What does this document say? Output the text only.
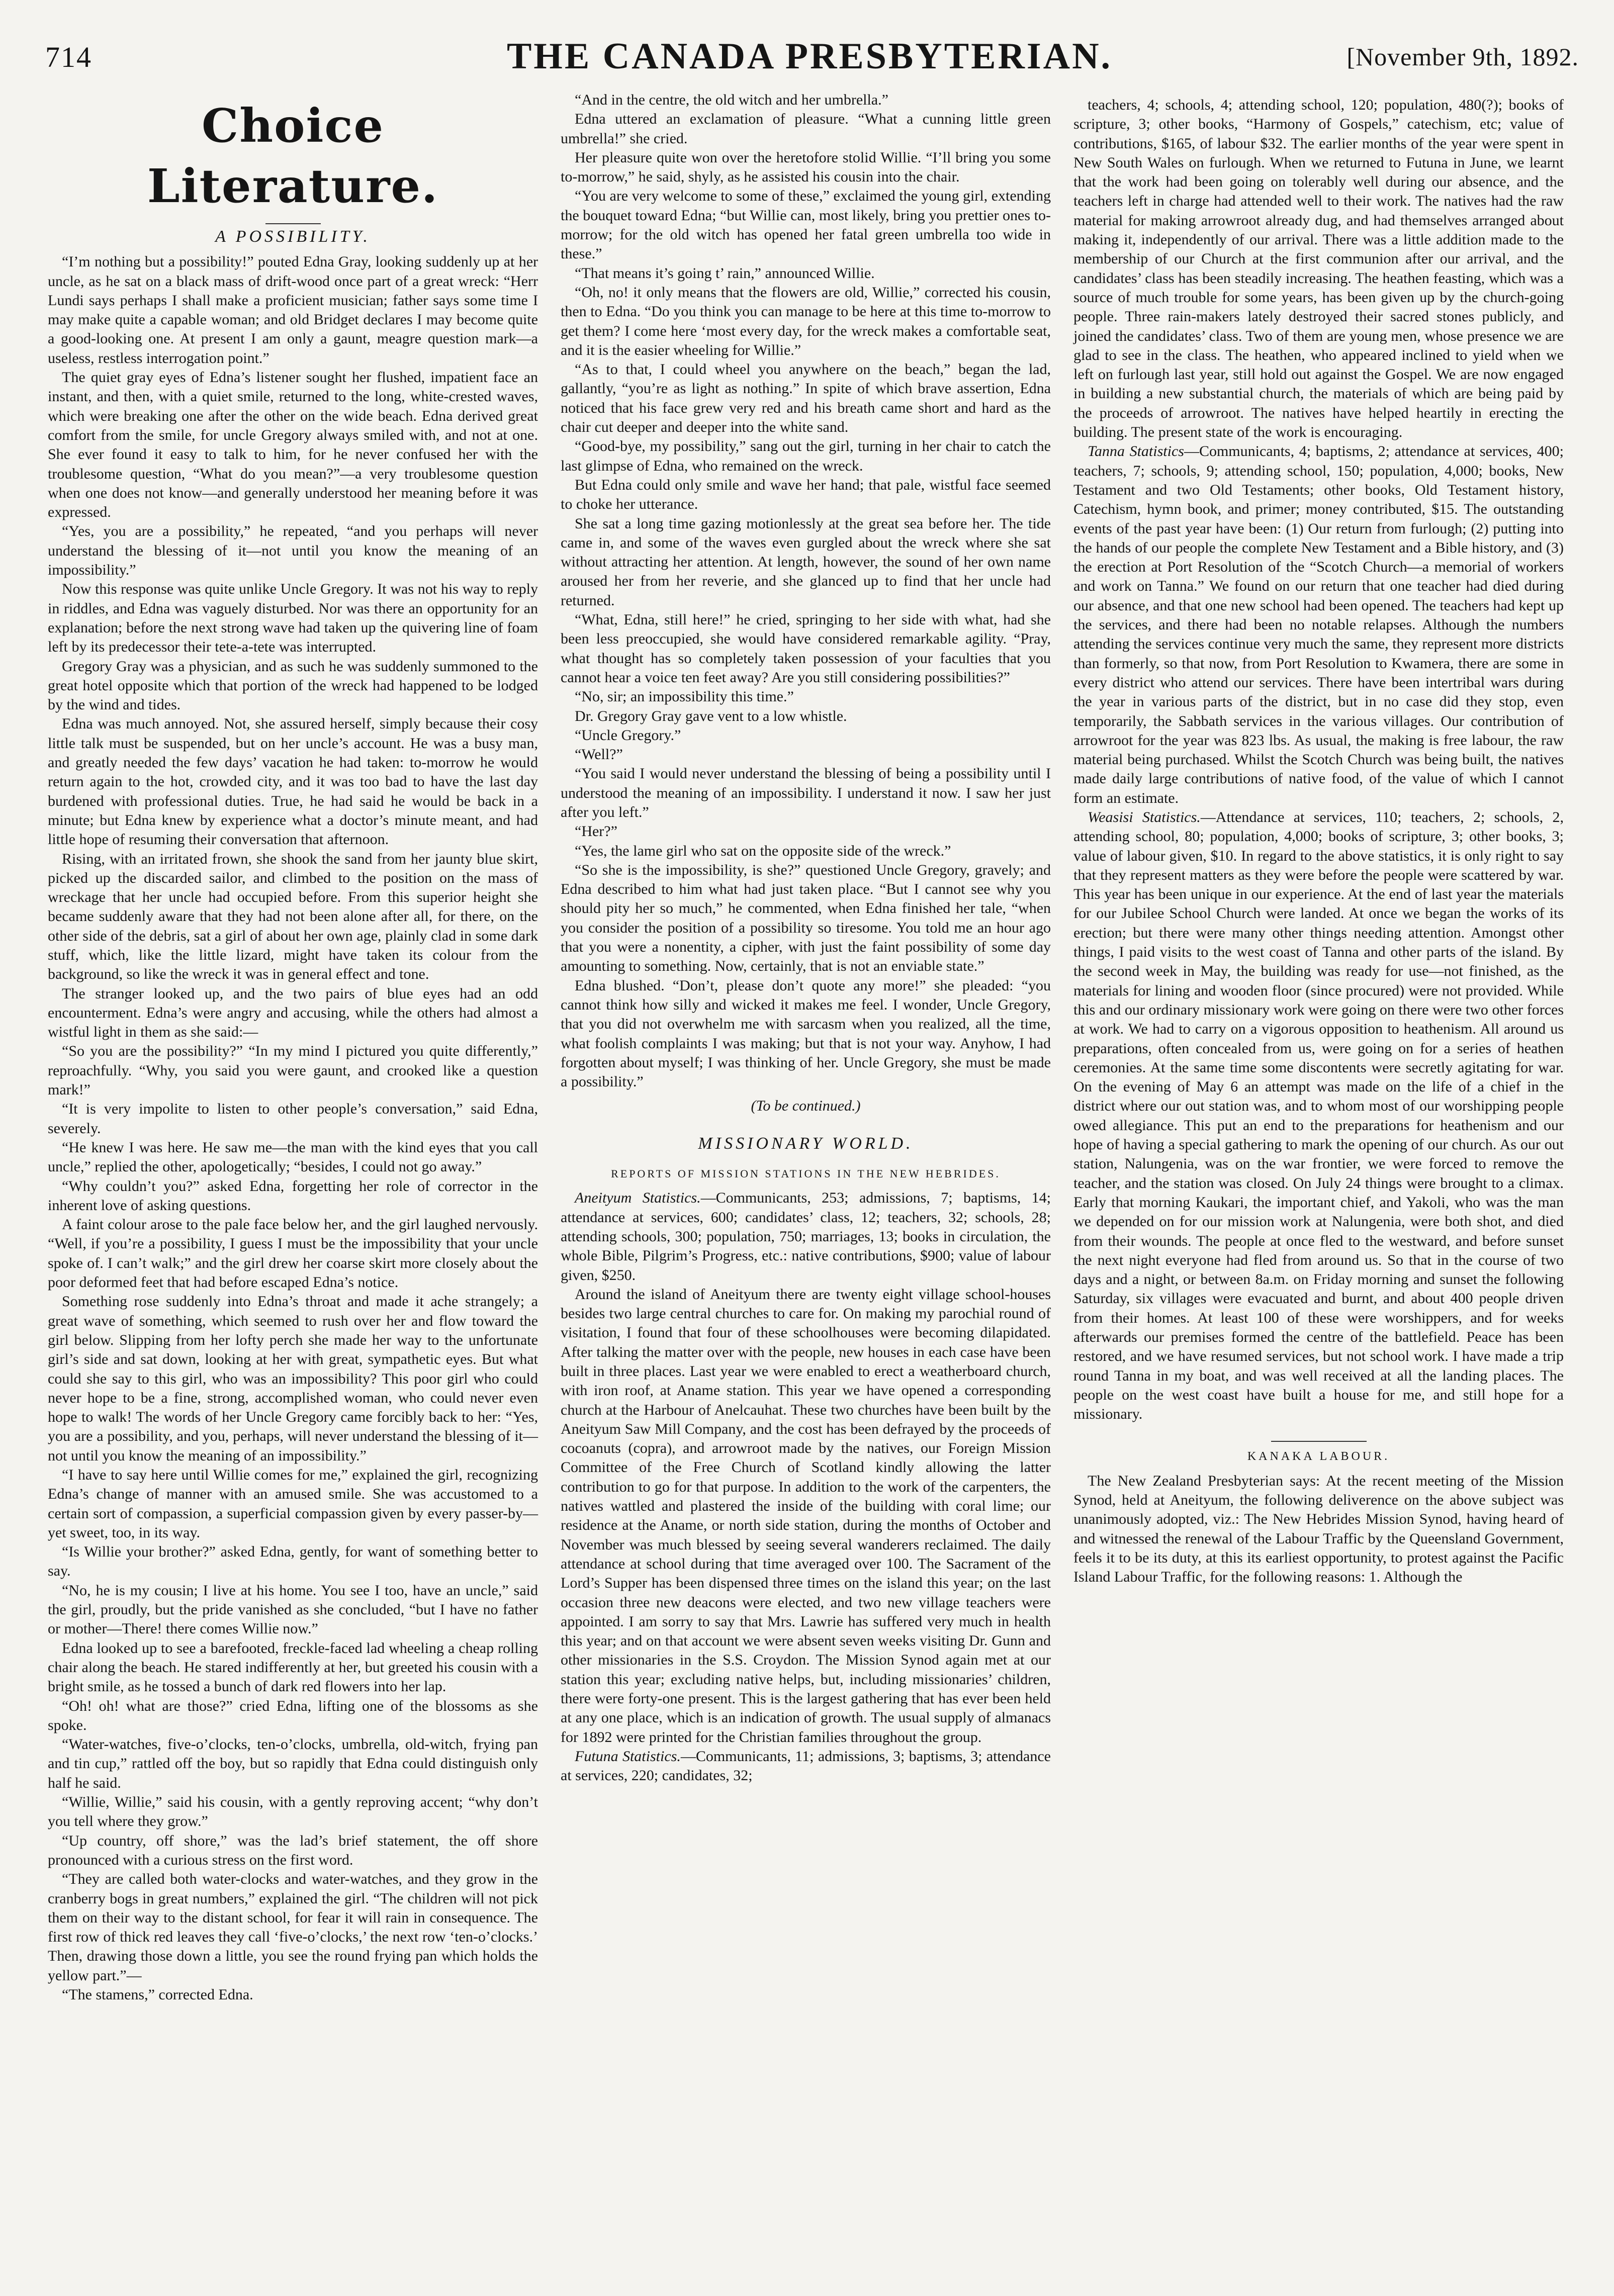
714	THE CANADA PRESBYTERIAN.	[November 9th, 1892.
Choice Literature.
A POSSIBILITY.

“I’m nothing but a possibility!” pouted Edna Gray, looking suddenly up at her uncle, as he sat on a black mass of drift-wood once part of a great wreck: “Herr Lundi says perhaps I shall make a proficient musician; father says some time I may make quite a capable woman; and old Bridget declares I may become quite a good-looking one. At present I am only a gaunt, meagre question mark—a useless, restless interrogation point.”

The quiet gray eyes of Edna’s listener sought her flushed, impatient face an instant, and then, with a quiet smile, returned to the long, white-crested waves, which were breaking one after the other on the wide beach. Edna derived great comfort from the smile, for uncle Gregory always smiled with, and not at one. She ever found it easy to talk to him, for he never confused her with the troublesome question, “What do you mean?”—a very troublesome question when one does not know—and generally understood her meaning before it was expressed.

“Yes, you are a possibility,” he repeated, “and you perhaps will never understand the blessing of it—not until you know the meaning of an impossibility.”

Now this response was quite unlike Uncle Gregory. It was not his way to reply in riddles, and Edna was vaguely disturbed. Nor was there an opportunity for an explanation; before the next strong wave had taken up the quivering line of foam left by its predecessor their tete-a-tete was interrupted.

Gregory Gray was a physician, and as such he was suddenly summoned to the great hotel opposite which that portion of the wreck had happened to be lodged by the wind and tides.

Edna was much annoyed. Not, she assured herself, simply because their cosy little talk must be suspended, but on her uncle’s account. He was a busy man, and greatly needed the few days’ vacation he had taken: to-morrow he would return again to the hot, crowded city, and it was too bad to have the last day burdened with professional duties. True, he had said he would be back in a minute; but Edna knew by experience what a doctor’s minute meant, and had little hope of resuming their conversation that afternoon.

Rising, with an irritated frown, she shook the sand from her jaunty blue skirt, picked up the discarded sailor, and climbed to the position on the mass of wreckage that her uncle had occupied before. From this superior height she became suddenly aware that they had not been alone after all, for there, on the other side of the debris, sat a girl of about her own age, plainly clad in some dark stuff, which, like the little lizard, might have taken its colour from the background, so like the wreck it was in general effect and tone.

The stranger looked up, and the two pairs of blue eyes had an odd encounterment. Edna’s were angry and accusing, while the others had almost a wistful light in them as she said:—

“So you are the possibility?” “In my mind I pictured you quite differently,” reproachfully. “Why, you said you were gaunt, and crooked like a question mark!”

“It is very impolite to listen to other people’s conversation,” said Edna, severely.

“He knew I was here. He saw me—the man with the kind eyes that you call uncle,” replied the other, apologetically; “besides, I could not go away.”

“Why couldn’t you?” asked Edna, forgetting her role of corrector in the inherent love of asking questions.

A faint colour arose to the pale face below her, and the girl laughed nervously. “Well, if you’re a possibility, I guess I must be the impossibility that your uncle spoke of. I can’t walk;” and the girl drew her coarse skirt more closely about the poor deformed feet that had before escaped Edna’s notice.

Something rose suddenly into Edna’s throat and made it ache strangely; a great wave of something, which seemed to rush over her and flow toward the girl below. Slipping from her lofty perch she made her way to the unfortunate girl’s side and sat down, looking at her with great, sympathetic eyes. But what could she say to this girl, who was an impossibility? This poor girl who could never hope to be a fine, strong, accomplished woman, who could never even hope to walk! The words of her Uncle Gregory came forcibly back to her: “Yes, you are a possibility, and you, perhaps, will never understand the blessing of it—not until you know the meaning of an impossibility.”

“I have to say here until Willie comes for me,” explained the girl, recognizing Edna’s change of manner with an amused smile. She was accustomed to a certain sort of compassion, a superficial compassion given by every passer-by—yet sweet, too, in its way.

“Is Willie your brother?” asked Edna, gently, for want of something better to say.

“No, he is my cousin; I live at his home. You see I too, have an uncle,” said the girl, proudly, but the pride vanished as she concluded, “but I have no father or mother—There! there comes Willie now.”

Edna looked up to see a barefooted, freckle-faced lad wheeling a cheap rolling chair along the beach. He stared indifferently at her, but greeted his cousin with a bright smile, as he tossed a bunch of dark red flowers into her lap.

“Oh! oh! what are those?” cried Edna, lifting one of the blossoms as she spoke.

“Water-watches, five-o’clocks, ten-o’clocks, umbrella, old-witch, frying pan and tin cup,” rattled off the boy, but so rapidly that Edna could distinguish only half he said.

“Willie, Willie,” said his cousin, with a gently reproving accent; “why don’t you tell where they grow.”

“Up country, off shore,” was the lad’s brief statement, the off shore pronounced with a curious stress on the first word.

“They are called both water-clocks and water-watches, and they grow in the cranberry bogs in great numbers,” explained the girl. “The children will not pick them on their way to the distant school, for fear it will rain in consequence. The first row of thick red leaves they call ‘five-o’clocks,’ the next row ‘ten-o’clocks.’ Then, drawing those down a little, you see the round frying pan which holds the yellow part.”—

“The stamens,” corrected Edna.

“And in the centre, the old witch and her umbrella.”

Edna uttered an exclamation of pleasure. “What a cunning little green umbrella!” she cried.

Her pleasure quite won over the heretofore stolid Willie. “I’ll bring you some to-morrow,” he said, shyly, as he assisted his cousin into the chair.

“You are very welcome to some of these,” exclaimed the young girl, extending the bouquet toward Edna; “but Willie can, most likely, bring you prettier ones to-morrow; for the old witch has opened her fatal green umbrella too wide in these.”

“That means it’s going t’ rain,” announced Willie.

“Oh, no! it only means that the flowers are old, Willie,” corrected his cousin, then to Edna. “Do you think you can manage to be here at this time to-morrow to get them? I come here ‘most every day, for the wreck makes a comfortable seat, and it is the easier wheeling for Willie.”

“As to that, I could wheel you anywhere on the beach,” began the lad, gallantly, “you’re as light as nothing.” In spite of which brave assertion, Edna noticed that his face grew very red and his breath came short and hard as the chair cut deeper and deeper into the white sand.

“Good-bye, my possibility,” sang out the girl, turning in her chair to catch the last glimpse of Edna, who remained on the wreck.

But Edna could only smile and wave her hand; that pale, wistful face seemed to choke her utterance.

She sat a long time gazing motionlessly at the great sea before her. The tide came in, and some of the waves even gurgled about the wreck where she sat without attracting her attention. At length, however, the sound of her own name aroused her from her reverie, and she glanced up to find that her uncle had returned.

“What, Edna, still here!” he cried, springing to her side with what, had she been less preoccupied, she would have considered remarkable agility. “Pray, what thought has so completely taken possession of your faculties that you cannot hear a voice ten feet away? Are you still considering possibilities?”

“No, sir; an impossibility this time.”

Dr. Gregory Gray gave vent to a low whistle.

“Uncle Gregory.”

“Well?”

“You said I would never understand the blessing of being a possibility until I understood the meaning of an impossibility. I understand it now. I saw her just after you left.”

“Her?”

“Yes, the lame girl who sat on the opposite side of the wreck.”

“So she is the impossibility, is she?” questioned Uncle Gregory, gravely; and Edna described to him what had just taken place. “But I cannot see why you should pity her so much,” he commented, when Edna finished her tale, “when you consider the position of a possibility so tiresome. You told me an hour ago that you were a nonentity, a cipher, with just the faint possibility of some day amounting to something. Now, certainly, that is not an enviable state.”

Edna blushed. “Don’t, please don’t quote any more!” she pleaded: “you cannot think how silly and wicked it makes me feel. I wonder, Uncle Gregory, that you did not overwhelm me with sarcasm when you realized, all the time, what foolish complaints I was making; but that is not your way. Anyhow, I had forgotten about myself; I was thinking of her. Uncle Gregory, she must be made a possibility.”

(To be continued.)
MISSIONARY WORLD.
REPORTS OF MISSION STATIONS IN THE NEW HEBRIDES.

Aneityum Statistics.—Communicants, 253; admissions, 7; baptisms, 14; attendance at services, 600; candidates’ class, 12; teachers, 32; schools, 28; attending schools, 300; population, 750; marriages, 13; books in circulation, the whole Bible, Pilgrim’s Progress, etc.: native contributions, $900; value of labour given, $250.

Around the island of Aneityum there are twenty eight village school-houses besides two large central churches to care for. On making my parochial round of visitation, I found that four of these schoolhouses were becoming dilapidated. After talking the matter over with the people, new houses in each case have been built in three places. Last year we were enabled to erect a weatherboard church, with iron roof, at Aname station. This year we have opened a corresponding church at the Harbour of Anelcauhat. These two churches have been built by the Aneityum Saw Mill Company, and the cost has been defrayed by the proceeds of cocoanuts (copra), and arrowroot made by the natives, our Foreign Mission Committee of the Free Church of Scotland kindly allowing the latter contribution to go for that purpose. In addition to the work of the carpenters, the natives wattled and plastered the inside of the building with coral lime; our residence at the Aname, or north side station, during the months of October and November was much blessed by seeing several wanderers reclaimed. The daily attendance at school during that time averaged over 100. The Sacrament of the Lord’s Supper has been dispensed three times on the island this year; on the last occasion three new deacons were elected, and two new village teachers were appointed. I am sorry to say that Mrs. Lawrie has suffered very much in health this year; and on that account we were absent seven weeks visiting Dr. Gunn and other missionaries in the S.S. Croydon. The Mission Synod again met at our station this year; excluding native helps, but, including missionaries’ children, there were forty-one present. This is the largest gathering that has ever been held at any one place, which is an indication of growth. The usual supply of almanacs for 1892 were printed for the Christian families throughout the group.

Futuna Statistics.—Communicants, 11; admissions, 3; baptisms, 3; attendance at services, 220; candidates, 32;

teachers, 4; schools, 4; attending school, 120; population, 480(?); books of scripture, 3; other books, “Harmony of Gospels,” catechism, etc; value of contributions, $165, of labour $32. The earlier months of the year were spent in New South Wales on furlough. When we returned to Futuna in June, we learnt that the work had been going on tolerably well during our absence, and the teachers left in charge had attended well to their work. The natives had the raw material for making arrowroot already dug, and had themselves arranged about making it, independently of our arrival. There was a little addition made to the membership of our Church at the first communion after our arrival, and the candidates’ class has been steadily increasing. The heathen feasting, which was a source of much trouble for some years, has been given up by the church-going people. Three rain-makers lately destroyed their sacred stones publicly, and joined the candidates’ class. Two of them are young men, whose presence we are glad to see in the class. The heathen, who appeared inclined to yield when we left on furlough last year, still hold out against the Gospel. We are now engaged in building a new substantial church, the materials of which are being paid by the proceeds of arrowroot. The natives have helped heartily in erecting the building. The present state of the work is encouraging.

Tanna Statistics—Communicants, 4; baptisms, 2; attendance at services, 400; teachers, 7; schools, 9; attending school, 150; population, 4,000; books, New Testament and two Old Testaments; other books, Old Testament history, Catechism, hymn book, and primer; money contributed, $15. The outstanding events of the past year have been: (1) Our return from furlough; (2) putting into the hands of our people the complete New Testament and a Bible history, and (3) the erection at Port Resolution of the “Scotch Church—a memorial of workers and work on Tanna.” We found on our return that one teacher had died during our absence, and that one new school had been opened. The teachers had kept up the services, and there had been no notable relapses. Although the numbers attending the services continue very much the same, they represent more districts than formerly, so that now, from Port Resolution to Kwamera, there are some in every district who attend our services. There have been intertribal wars during the year in various parts of the district, but in no case did they stop, even temporarily, the Sabbath services in the various villages. Our contribution of arrowroot for the year was 823 lbs. As usual, the making is free labour, the raw material being purchased. Whilst the Scotch Church was being built, the natives made daily large contributions of native food, of the value of which I cannot form an estimate.

Weasisi Statistics.—Attendance at services, 110; teachers, 2; schools, 2, attending school, 80; population, 4,000; books of scripture, 3; other books, 3; value of labour given, $10. In regard to the above statistics, it is only right to say that they represent matters as they were before the people were scattered by war. This year has been unique in our experience. At the end of last year the materials for our Jubilee School Church were landed. At once we began the works of its erection; but there were many other things needing attention. Amongst other things, I paid visits to the west coast of Tanna and other parts of the island. By the second week in May, the building was ready for use—not finished, as the materials for lining and wooden floor (since procured) were not provided. While this and our ordinary missionary work were going on there were two other forces at work. We had to carry on a vigorous opposition to heathenism. All around us preparations, often concealed from us, were going on for a series of heathen ceremonies. At the same time some discontents were secretly agitating for war. On the evening of May 6 an attempt was made on the life of a chief in the district where our out station was, and to whom most of our worshipping people owed allegiance. This put an end to the preparations for heathenism and our hope of having a special gathering to mark the opening of our church. As our out station, Nalungenia, was on the war frontier, we were forced to remove the teacher, and the station was closed. On July 24 things were brought to a climax. Early that morning Kaukari, the important chief, and Yakoli, who was the man we depended on for our mission work at Nalungenia, were both shot, and died from their wounds. The people at once fled to the westward, and before sunset the next night everyone had fled from around us. So that in the course of two days and a night, or between 8a.m. on Friday morning and sunset the following Saturday, six villages were evacuated and burnt, and about 400 people driven from their homes. At least 100 of these were worshippers, and for weeks afterwards our premises formed the centre of the battlefield. Peace has been restored, and we have resumed services, but not school work. I have made a trip round Tanna in my boat, and was well received at all the landing places. The people on the west coast have built a house for me, and still hope for a missionary.

KANAKA LABOUR.

The New Zealand Presbyterian says: At the recent meeting of the Mission Synod, held at Aneityum, the following deliverence on the above subject was unanimously adopted, viz.: The New Hebrides Mission Synod, having heard of and witnessed the renewal of the Labour Traffic by the Queensland Government, feels it to be its duty, at this its earliest opportunity, to protest against the Pacific Island Labour Traffic, for the following reasons: 1. Although the
